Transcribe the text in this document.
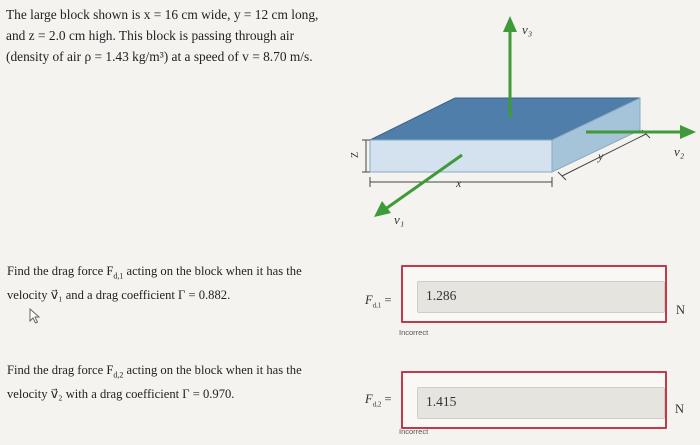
The large block shown is x = 16 cm wide, y = 12 cm long,

and z = 2.0 cm high. This block is passing through air

(density of air ρ = 1.43 kg/m³) at a speed of v = 8.70 m/s.

Z
x
y
v₃
v₂
v₁

Find the drag force $F_{d,1}$ acting on the block when it has the

velocity v⃗₁ and a drag coefficient Γ = 0.882.	$F_{d,1}$ =	1.286
Incorrect
N

Find the drag force $F_{d,2}$ acting on the block when it has the

velocity v⃗₂ with a drag coefficient Γ = 0.970.	$F_{d,2}$ =	1.415
Incorrect
N
